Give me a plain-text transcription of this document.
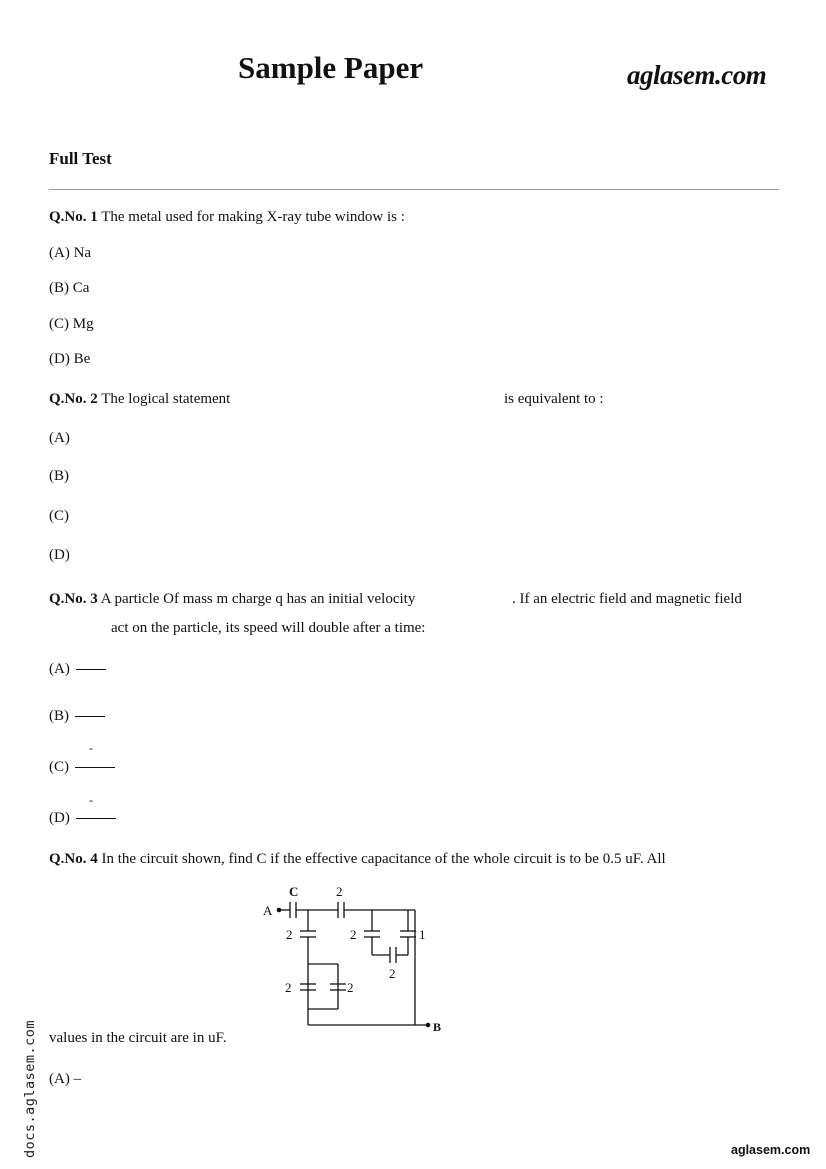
Sample Paper	aglasem.com
Full Test
Q.No. 1 The metal used for making X-ray tube window is :
(A) Na
(B) Ca
(C) Mg
(D) Be
Q.No. 2 The logical statement	is equivalent to :
(A)
(B)
(C)
(D)
Q.No. 3 A particle Of mass m charge q has an initial velocity	. If an electric field and magnetic field
act on the particle, its speed will double after a time:
(A)
(B)
-
(C)
-
(D)
Q.No. 4 In the circuit shown, find C if the effective capacitance of the whole circuit is to be 0.5 uF. All
A
B
C	2
2	2	1
2
2	2
values in the circuit are in uF.
(A) –
docs.aglasem.com	aglasem.com
